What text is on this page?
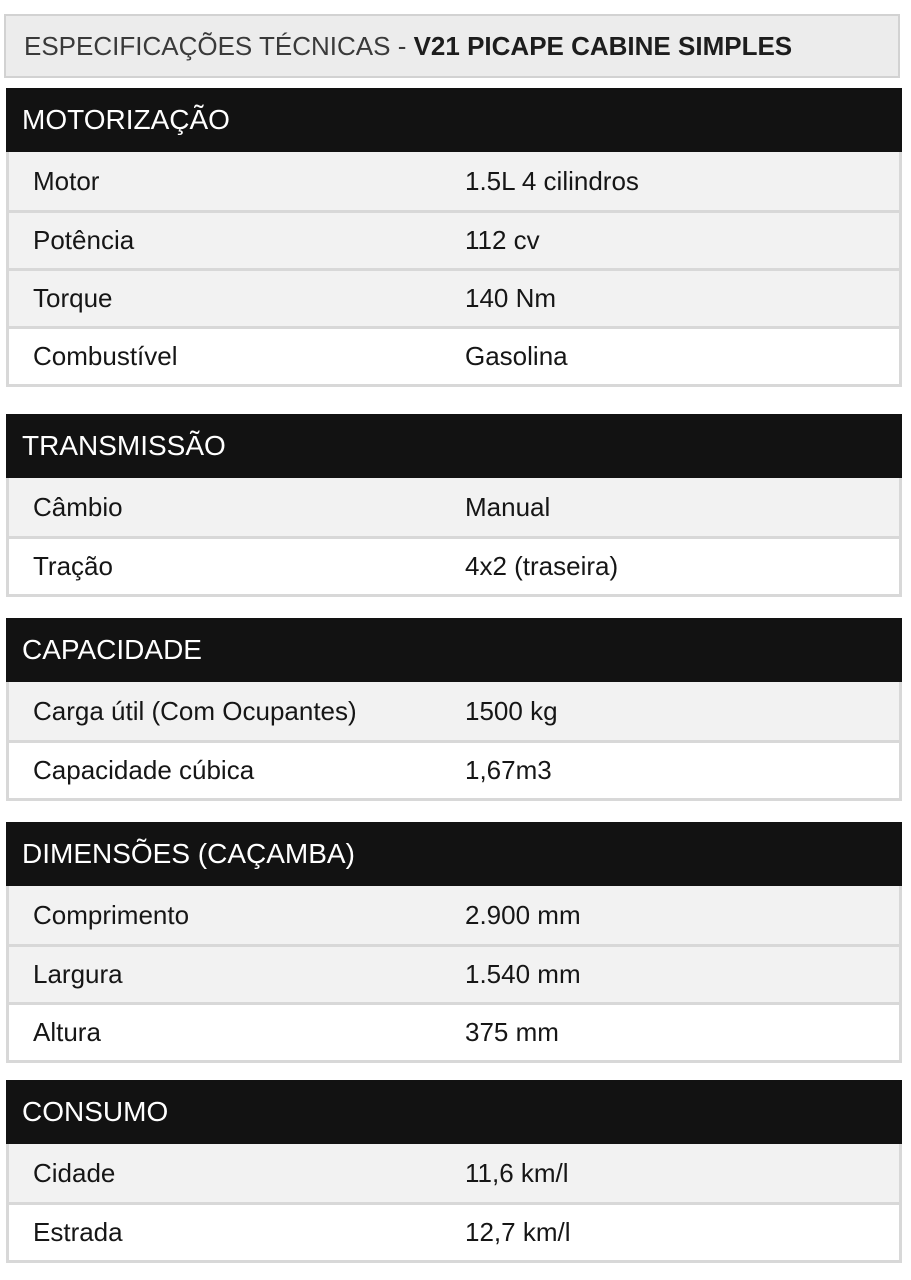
ESPECIFICAÇÕES TÉCNICAS - V21 PICAPE CABINE SIMPLES
MOTORIZAÇÃO
Motor	1.5L 4 cilindros
Potência	112 cv
Torque	140 Nm
Combustível	Gasolina
TRANSMISSÃO
Câmbio	Manual
Tração	4x2 (traseira)
CAPACIDADE
Carga útil (Com Ocupantes)	1500 kg
Capacidade cúbica	1,67m3
DIMENSÕES (CAÇAMBA)
Comprimento	2.900 mm
Largura	1.540 mm
Altura	375 mm
CONSUMO
Cidade	11,6 km/l
Estrada	12,7 km/l
